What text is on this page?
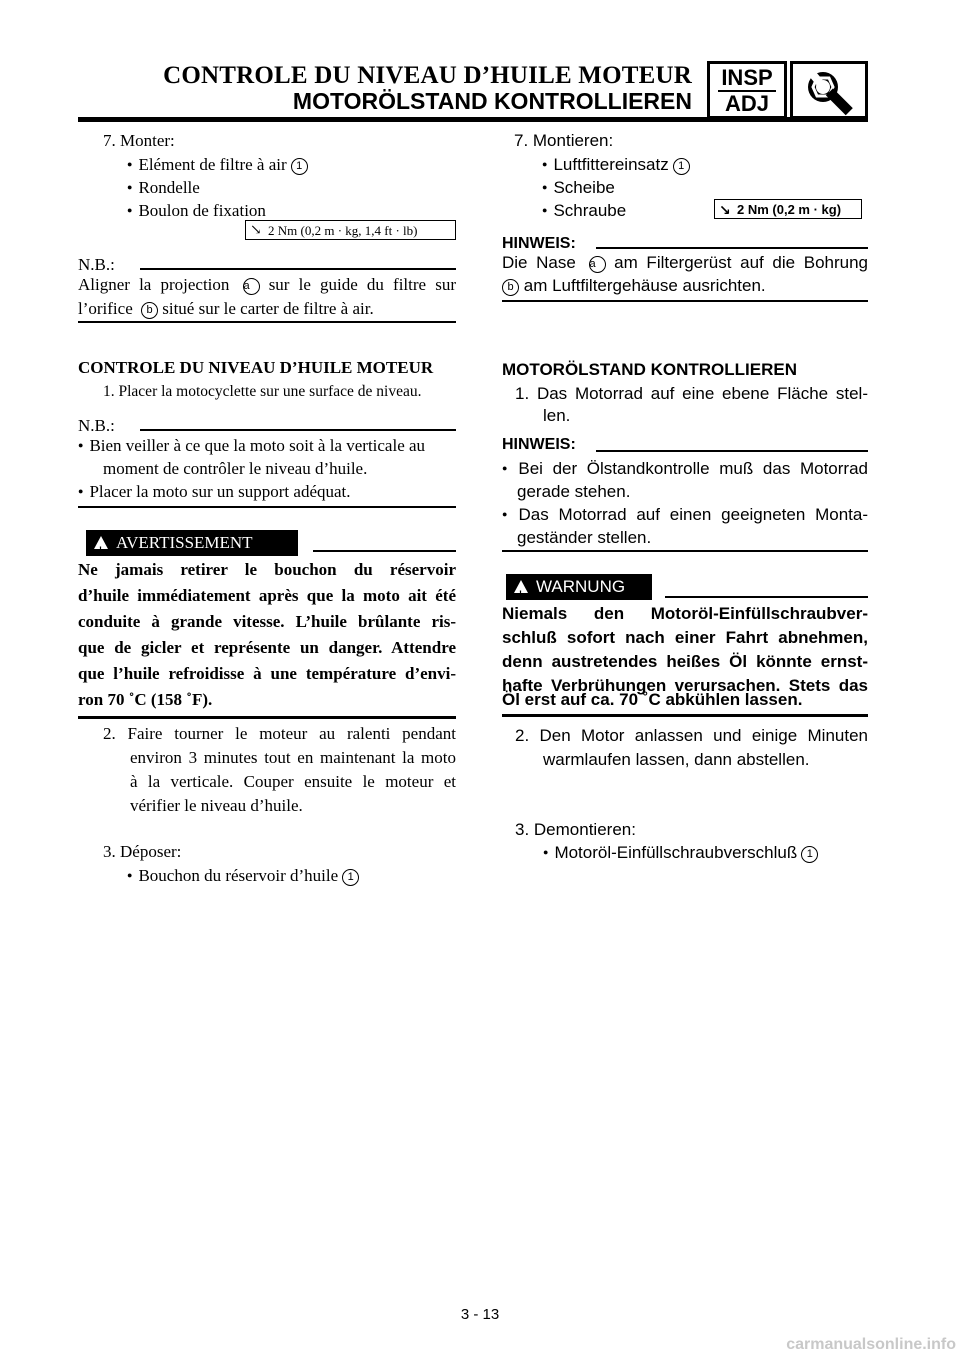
CONTROLE DU NIVEAU D’HUILE MOTEUR
MOTORÖLSTAND KONTROLLIEREN
INSP
ADJ
7. Monter:
● Elément de filtre à air 1
● Rondelle
● Boulon de fixation
↘ 2 Nm (0,2 m · kg, 1,4 ft · lb)
N.B.:
Aligner la projection a sur le guide du filtre sur
l’orifice b situé sur le carter de filtre à air.
CONTROLE DU NIVEAU D’HUILE MOTEUR
1. Placer la motocyclette sur une surface de niveau.
N.B.:
● Bien veiller à ce que la moto soit à la verticale au
moment de contrôler le niveau d’huile.
● Placer la moto sur un support adéquat.
!AVERTISSEMENT
Ne jamais retirer le bouchon du réservoir
d’huile immédiatement après que la moto ait été
conduite à grande vitesse. L’huile brûlante ris-
que de gicler et représente un danger. Attendre
que l’huile refroidisse à une température d’envi-
ron 70 ˚C (158 ˚F).
2. Faire tourner le moteur au ralenti pendant
environ 3 minutes tout en maintenant la moto
à la verticale. Couper ensuite le moteur et
vérifier le niveau d’huile.
3. Déposer:
● Bouchon du réservoir d’huile 1
7. Montieren:
● Luftfittereinsatz 1
● Scheibe
● Schraube	↘ 2 Nm (0,2 m · kg)
HINWEIS:
Die Nase a am Filtergerüst auf die Bohrung
b am Luftfiltergehäuse ausrichten.
MOTORÖLSTAND KONTROLLIEREN
1. Das Motorrad auf eine ebene Fläche stel-
len.
HINWEIS:
● Bei der Ölstandkontrolle muß das Motorrad
gerade stehen.
● Das Motorrad auf einen geeigneten Monta-
geständer stellen.
!WARNUNG
Niemals den Motoröl-Einfüllschraubver-
schluß sofort nach einer Fahrt abnehmen,
denn austretendes heißes Öl könnte ernst-
hafte Verbrühungen verursachen. Stets das
Öl erst auf ca. 70 ˚C abkühlen lassen.
2. Den Motor anlassen und einige Minuten
warmlaufen lassen, dann abstellen.
3. Demontieren:
● Motoröl-Einfüllschraubverschluß 1
3 - 13
carmanualsonline.info
